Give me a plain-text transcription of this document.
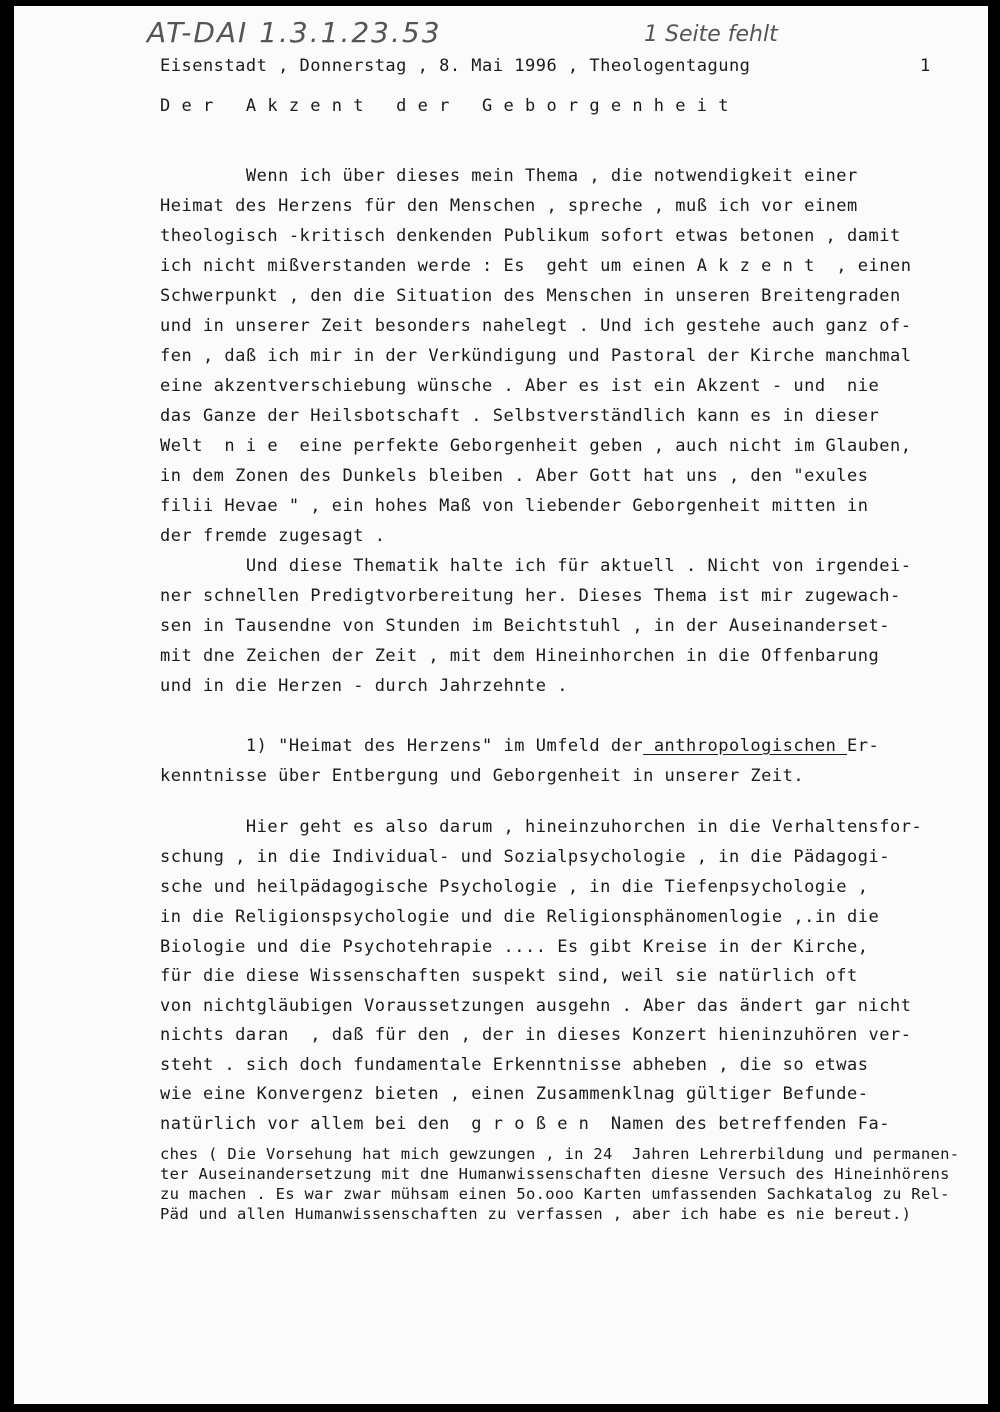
AT-DAI 1.3.1.23.53	1 Seite fehlt
Eisenstadt , Donnerstag , 8. Mai 1996 , Theologentagung	1
D e r   A k z e n t   d e r   G e b o r g e n h e i t
Wenn ich über dieses mein Thema , die notwendigkeit einer
Heimat des Herzens für den Menschen , spreche , muß ich vor einem
theologisch -kritisch denkenden Publikum sofort etwas betonen , damit
ich nicht mißverstanden werde : Es  geht um einen A k z e n t  , einen
Schwerpunkt , den die Situation des Menschen in unseren Breitengraden
und in unserer Zeit besonders nahelegt . Und ich gestehe auch ganz of-
fen , daß ich mir in der Verkündigung und Pastoral der Kirche manchmal
eine akzentverschiebung wünsche . Aber es ist ein Akzent - und  nie
das Ganze der Heilsbotschaft . Selbstverständlich kann es in dieser
Welt  n i e  eine perfekte Geborgenheit geben , auch nicht im Glauben,
in dem Zonen des Dunkels bleiben . Aber Gott hat uns , den "exules
filii Hevae " , ein hohes Maß von liebender Geborgenheit mitten in
der fremde zugesagt .
Und diese Thematik halte ich für aktuell . Nicht von irgendei-
ner schnellen Predigtvorbereitung her. Dieses Thema ist mir zugewach-
sen in Tausendne von Stunden im Beichtstuhl , in der Auseinanderset-
mit dne Zeichen der Zeit , mit dem Hineinhorchen in die Offenbarung
und in die Herzen - durch Jahrzehnte .
1) "Heimat des Herzens" im Umfeld der anthropologischen Er-
kenntnisse über Entbergung und Geborgenheit in unserer Zeit.
Hier geht es also darum , hineinzuhorchen in die Verhaltensfor-
schung , in die Individual- und Sozialpsychologie , in die Pädagogi-
sche und heilpädagogische Psychologie , in die Tiefenpsychologie ,
in die Religionspsychologie und die Religionsphänomenlogie ,.in die
Biologie und die Psychotehrapie .... Es gibt Kreise in der Kirche,
für die diese Wissenschaften suspekt sind, weil sie natürlich oft
von nichtgläubigen Voraussetzungen ausgehn . Aber das ändert gar nicht
nichts daran  , daß für den , der in dieses Konzert hieninzuhören ver-
steht . sich doch fundamentale Erkenntnisse abheben , die so etwas
wie eine Konvergenz bieten , einen Zusammenklnag gültiger Befunde-
natürlich vor allem bei den  g r o ß e n  Namen des betreffenden Fa-
ches ( Die Vorsehung hat mich gewzungen , in 24  Jahren Lehrerbildung und permanen-
ter Auseinandersetzung mit dne Humanwissenschaften diesne Versuch des Hineinhörens
zu machen . Es war zwar mühsam einen 5o.ooo Karten umfassenden Sachkatalog zu Rel-
Päd und allen Humanwissenschaften zu verfassen , aber ich habe es nie bereut.)
